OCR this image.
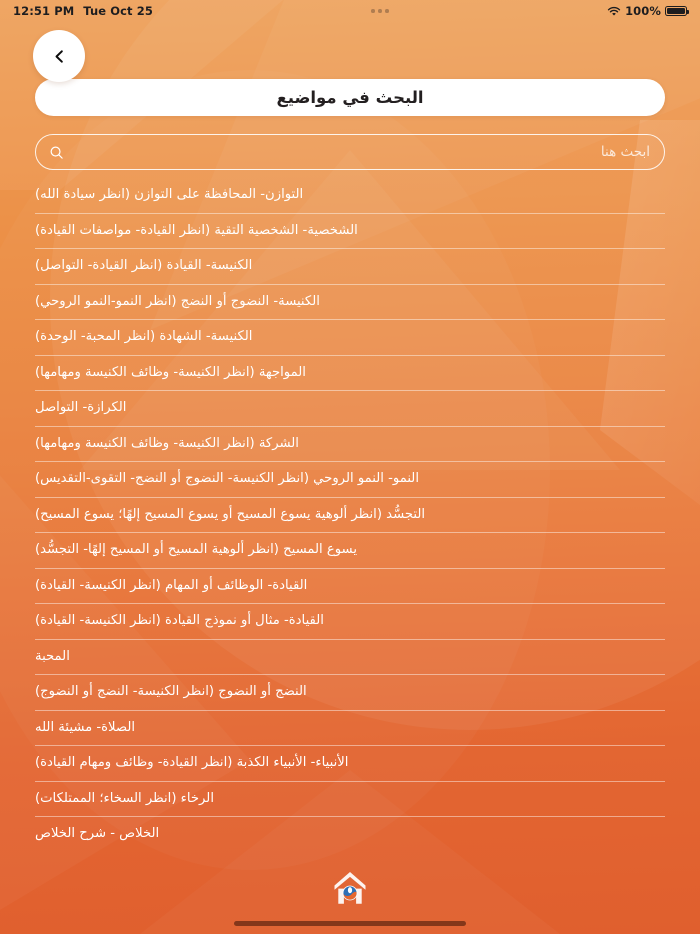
12:51 PM Tue Oct 25	100%
البحث في مواضيع
ابحث هنا
التوازن- المحافظة على التوازن (انظر سيادة الله)
الشخصية- الشخصية التقية (انظر القيادة- مواصفات القيادة)
الكنيسة- القيادة (انظر القيادة- التواصل)
الكنيسة- النضوج أو النضج (انظر النمو-النمو الروحي)
الكنيسة- الشهادة (انظر المحبة- الوحدة)
المواجهة (انظر الكنيسة- وظائف الكنيسة ومهامها)
الكرازة- التواصل
الشركة (انظر الكنيسة- وظائف الكنيسة ومهامها)
النمو- النمو الروحي (انظر الكنيسة- النضوج أو النضج- التقوى-التقديس)
التجسُّد (انظر ألوهية يسوع المسيح أو يسوع المسيح إلهًا؛ يسوع المسيح)
يسوع المسيح (انظر ألوهية المسيح أو المسيح إلهًا- التجسُّد)
القيادة- الوظائف أو المهام (انظر الكنيسة- القيادة)
القيادة- مثال أو نموذج القيادة (انظر الكنيسة- القيادة)
المحبة
النضج أو النضوج (انظر الكنيسة- النضج أو النضوج)
الصلاة- مشيئة الله
الأنبياء- الأنبياء الكذبة (انظر القيادة- وظائف ومهام القيادة)
الرخاء (انظر السخاء؛ الممتلكات)
الخلاص - شرح الخلاص
